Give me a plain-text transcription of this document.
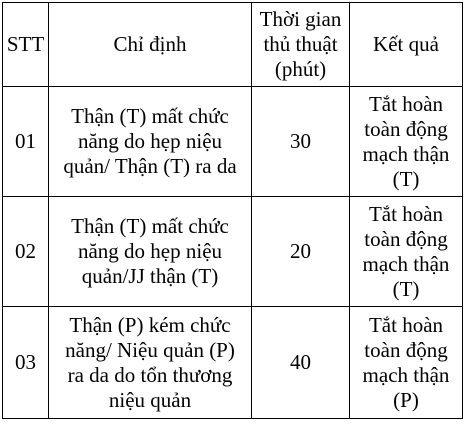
STT	Chỉ định	Thời gian
thủ thuật
(phút)	Kết quả
01	Thận (T) mất chức
năng do hẹp niệu
quản/ Thận (T) ra da	30	Tắt hoàn
toàn động
mạch thận
(T)
02	Thận (T) mất chức
năng do hẹp niệu
quản/JJ thận (T)	20	Tắt hoàn
toàn động
mạch thận
(T)
03	Thận (P) kém chức
năng/ Niệu quản (P)
ra da do tổn thương
niệu quản	40	Tắt hoàn
toàn động
mạch thận
(P)
